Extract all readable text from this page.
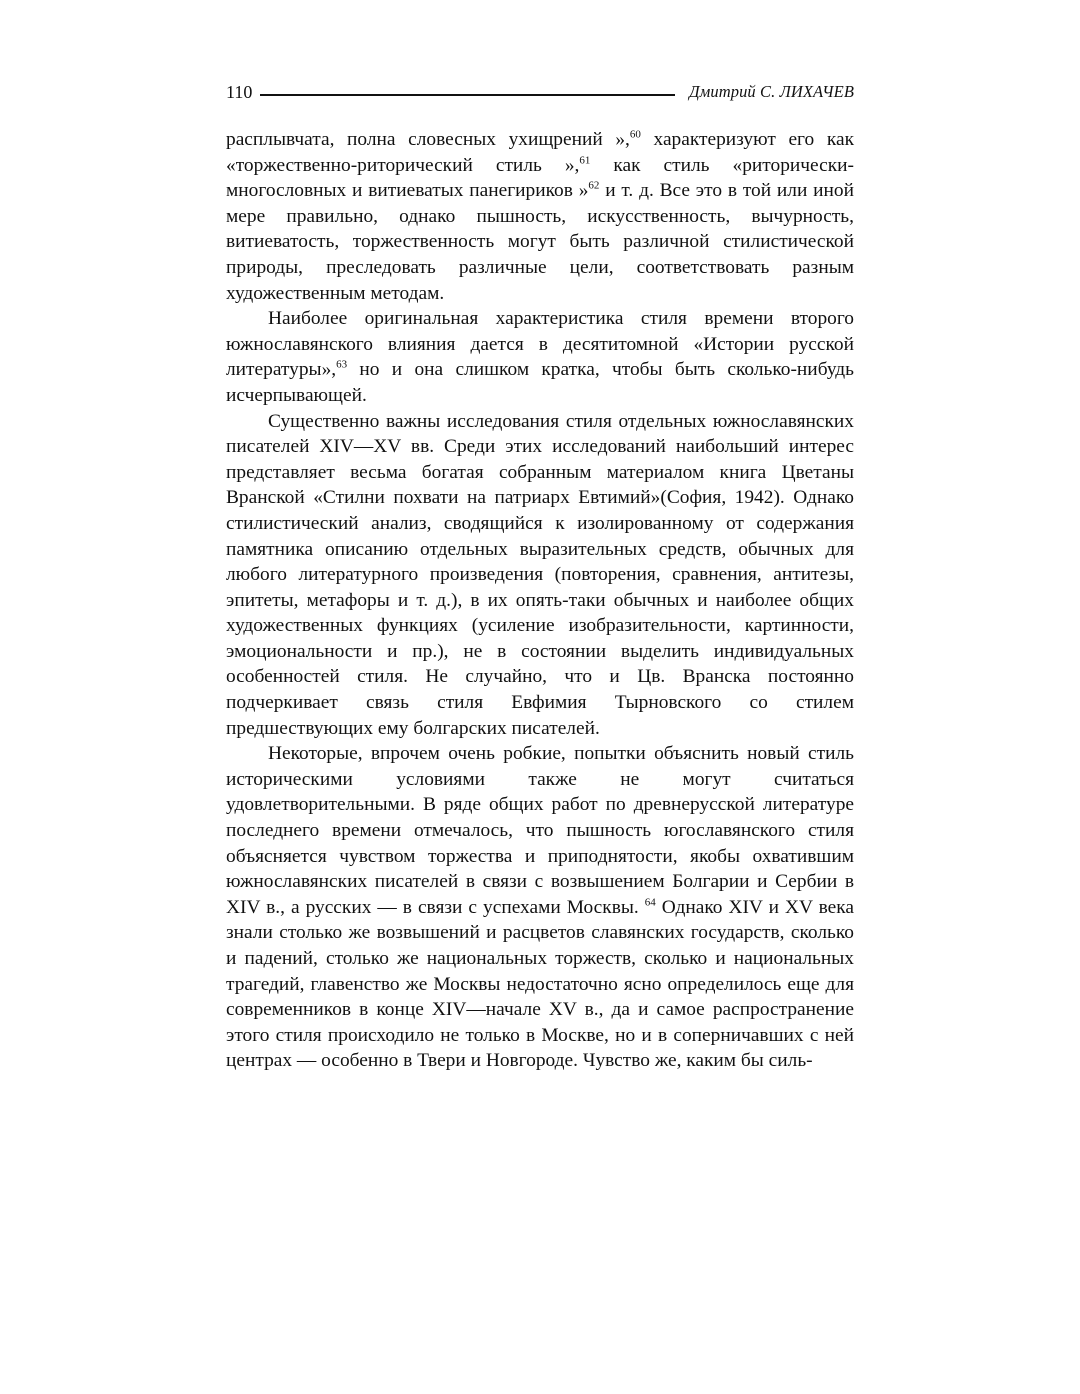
110	Дмитрий С. ЛИХАЧЕВ

расплывчата, полна словесных ухищрений »,$^{60}$ характеризуют его как «торжественно-риторический стиль »,$^{61}$ как стиль «риторически-многословных и витиеватых панегириков »$^{62}$ и т. д. Все это в той или иной мере правильно, однако пышность, искусственность, вычурность, витиеватость, торжественность могут быть различной стилистической природы, преследовать различные цели, соответствовать разным художественным методам.

Наиболее оригинальная характеристика стиля времени второго южнославянского влияния дается в десятитомной «Истории русской литературы»,$^{63}$ но и она слишком кратка, чтобы быть сколько-нибудь исчерпывающей.

Существенно важны исследования стиля отдельных южнославянских писателей XIV—XV вв. Среди этих исследований наибольший интерес представляет весьма богатая собранным материалом книга Цветаны Вранской «Стилни похвати на патриарх Евтимий»(София, 1942). Однако стилистический анализ, сводящийся к изолированному от содержания памятника описанию отдельных выразительных средств, обычных для любого литературного произведения (повторения, сравнения, антитезы, эпитеты, метафоры и т. д.), в их опять-таки обычных и наиболее общих художественных функциях (усиление изобразительности, картинности, эмоциональности и пр.), не в состоянии выделить индивидуальных особенностей стиля. Не случайно, что и Цв. Вранска постоянно подчеркивает связь стиля Евфимия Тырновского со стилем предшествующих ему болгарских писателей.

Некоторые, впрочем очень робкие, попытки объяснить новый стиль историческими условиями также не могут считаться удовлетворительными. В ряде общих работ по древнерусской литературе последнего времени отмечалось, что пышность югославянского стиля объясняется чувством торжества и приподнятости, якобы охватившим южнославянских писателей в связи с возвышением Болгарии и Сербии в XIV в., а русских — в связи с успехами Москвы. $^{64}$ Однако XIV и XV века знали столько же возвышений и расцветов славянских государств, сколько и падений, столько же национальных торжеств, сколько и национальных трагедий, главенство же Москвы недостаточно ясно определилось еще для современников в конце XIV—начале XV в., да и самое распространение этого стиля происходило не только в Москве, но и в соперничавших с ней центрах — особенно в Твери и Новгороде. Чувство же, каким бы силь-
